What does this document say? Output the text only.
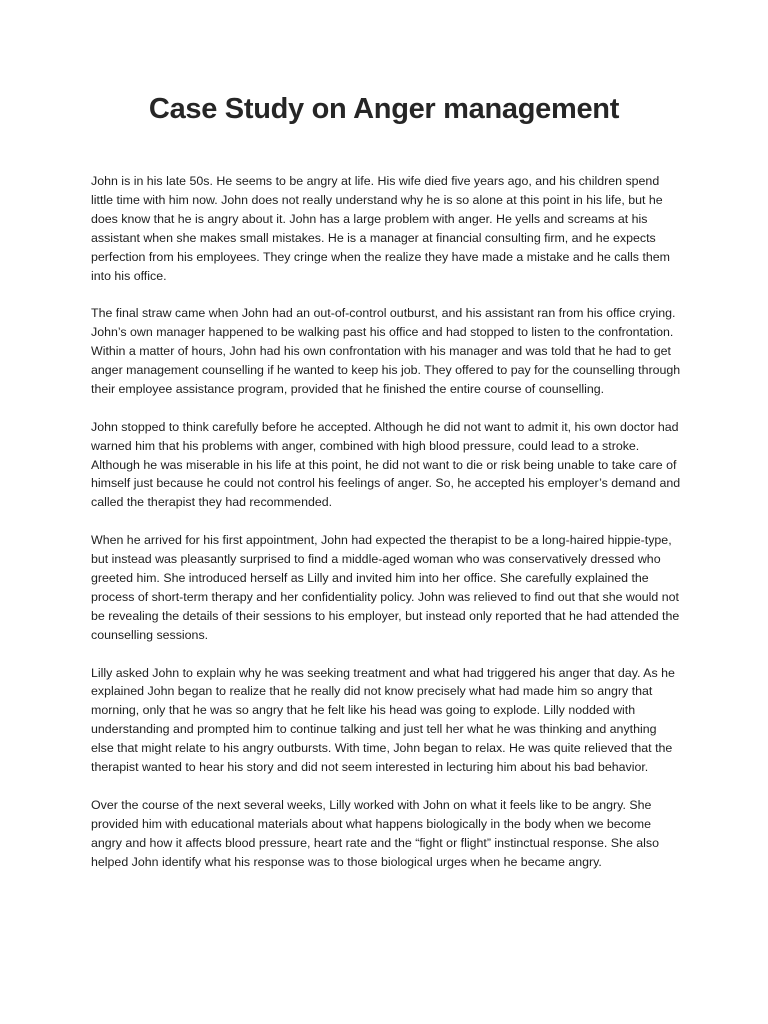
Case Study on Anger management

John is in his late 50s. He seems to be angry at life. His wife died five years ago, and his children spend little time with him now. John does not really understand why he is so alone at this point in his life, but he does know that he is angry about it. John has a large problem with anger. He yells and screams at his assistant when she makes small mistakes. He is a manager at financial consulting firm, and he expects perfection from his employees. They cringe when the realize they have made a mistake and he calls them into his office.

The final straw came when John had an out-of-control outburst, and his assistant ran from his office crying. John’s own manager happened to be walking past his office and had stopped to listen to the confrontation. Within a matter of hours, John had his own confrontation with his manager and was told that he had to get anger management counselling if he wanted to keep his job. They offered to pay for the counselling through their employee assistance program, provided that he finished the entire course of counselling.

John stopped to think carefully before he accepted. Although he did not want to admit it, his own doctor had warned him that his problems with anger, combined with high blood pressure, could lead to a stroke. Although he was miserable in his life at this point, he did not want to die or risk being unable to take care of himself just because he could not control his feelings of anger. So, he accepted his employer’s demand and called the therapist they had recommended.

When he arrived for his first appointment, John had expected the therapist to be a long-haired hippie-type, but instead was pleasantly surprised to find a middle-aged woman who was conservatively dressed who greeted him. She introduced herself as Lilly and invited him into her office. She carefully explained the process of short-term therapy and her confidentiality policy. John was relieved to find out that she would not be revealing the details of their sessions to his employer, but instead only reported that he had attended the counselling sessions.

Lilly asked John to explain why he was seeking treatment and what had triggered his anger that day. As he explained John began to realize that he really did not know precisely what had made him so angry that morning, only that he was so angry that he felt like his head was going to explode. Lilly nodded with understanding and prompted him to continue talking and just tell her what he was thinking and anything else that might relate to his angry outbursts. With time, John began to relax. He was quite relieved that the therapist wanted to hear his story and did not seem interested in lecturing him about his bad behavior.

Over the course of the next several weeks, Lilly worked with John on what it feels like to be angry. She provided him with educational materials about what happens biologically in the body when we become angry and how it affects blood pressure, heart rate and the “fight or flight” instinctual response. She also helped John identify what his response was to those biological urges when he became angry.
